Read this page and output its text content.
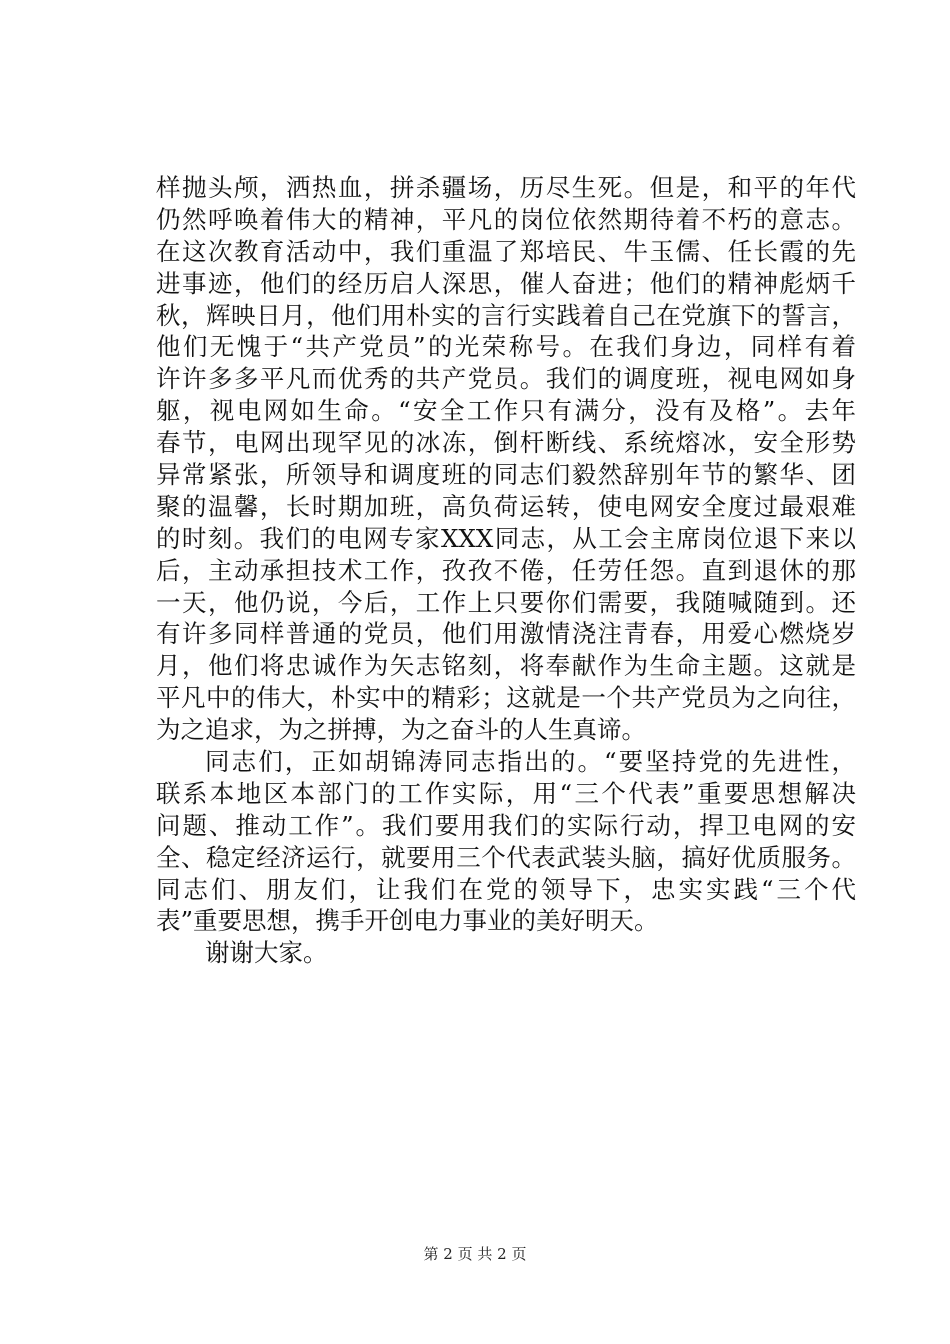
样抛头颅，洒热血，拼杀疆场，历尽生死。但是，和平的年代
仍然呼唤着伟大的精神，平凡的岗位依然期待着不朽的意志。
在这次教育活动中，我们重温了郑培民、牛玉儒、任长霞的先
进事迹，他们的经历启人深思，催人奋进；他们的精神彪炳千
秋，辉映日月，他们用朴实的言行实践着自己在党旗下的誓言，
他们无愧于“共产党员”的光荣称号。在我们身边，同样有着
许许多多平凡而优秀的共产党员。我们的调度班，视电网如身
躯，视电网如生命。“安全工作只有满分，没有及格”。去年
春节，电网出现罕见的冰冻，倒杆断线、系统熔冰，安全形势
异常紧张，所领导和调度班的同志们毅然辞别年节的繁华、团
聚的温馨，长时期加班，高负荷运转，使电网安全度过最艰难
的时刻。我们的电网专家XXX同志，从工会主席岗位退下来以
后，主动承担技术工作，孜孜不倦，任劳任怨。直到退休的那
一天，他仍说，今后，工作上只要你们需要，我随喊随到。还
有许多同样普通的党员，他们用激情浇注青春，用爱心燃烧岁
月，他们将忠诚作为矢志铭刻，将奉献作为生命主题。这就是
平凡中的伟大，朴实中的精彩；这就是一个共产党员为之向往，
为之追求，为之拼搏，为之奋斗的人生真谛。
同志们，正如胡锦涛同志指出的。“要坚持党的先进性，
联系本地区本部门的工作实际，用“三个代表”重要思想解决
问题、推动工作”。我们要用我们的实际行动，捍卫电网的安
全、稳定经济运行，就要用三个代表武装头脑，搞好优质服务。
同志们、朋友们，让我们在党的领导下，忠实实践“三个代
表”重要思想，携手开创电力事业的美好明天。
谢谢大家。
第 2 页 共 2 页
